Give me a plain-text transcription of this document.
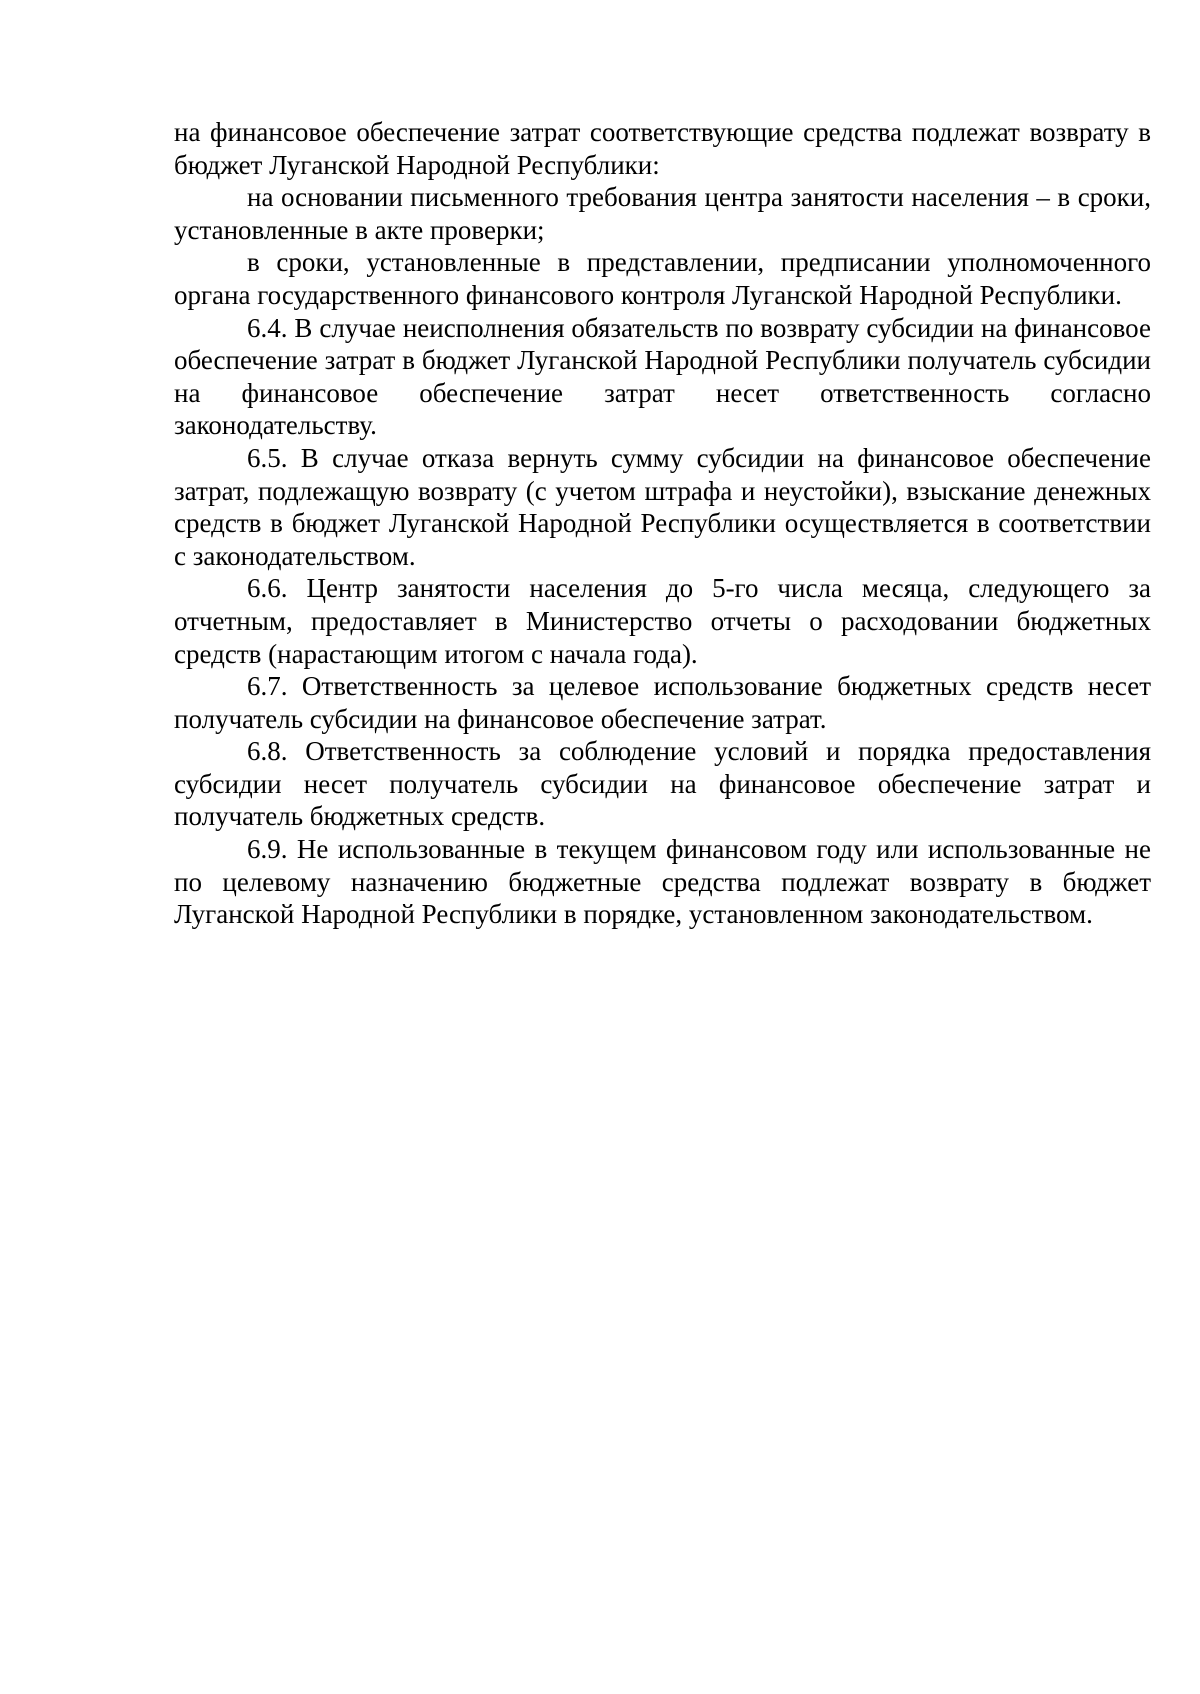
на финансовое обеспечение затрат соответствующие средства подлежат возврату в бюджет Луганской Народной Республики:

на основании письменного требования центра занятости населения – в сроки, установленные в акте проверки;

в сроки, установленные в представлении, предписании уполномоченного органа государственного финансового контроля Луганской Народной Республики.

6.4. В случае неисполнения обязательств по возврату субсидии на финансовое обеспечение затрат в бюджет Луганской Народной Республики получатель субсидии на финансовое обеспечение затрат несет ответственность согласно законодательству.

6.5. В случае отказа вернуть сумму субсидии на финансовое обеспечение затрат, подлежащую возврату (с учетом штрафа и неустойки), взыскание денежных средств в бюджет Луганской Народной Республики осуществляется в соответствии с законодательством.

6.6. Центр занятости населения до 5-го числа месяца, следующего за отчетным, предоставляет в Министерство отчеты о расходовании бюджетных средств (нарастающим итогом с начала года).

6.7. Ответственность за целевое использование бюджетных средств несет получатель субсидии на финансовое обеспечение затрат.

6.8. Ответственность за соблюдение условий и порядка предоставления субсидии несет получатель субсидии на финансовое обеспечение затрат и получатель бюджетных средств.

6.9. Не использованные в текущем финансовом году или использованные не по целевому назначению бюджетные средства подлежат возврату в бюджет Луганской Народной Республики в порядке, установленном законодательством.
